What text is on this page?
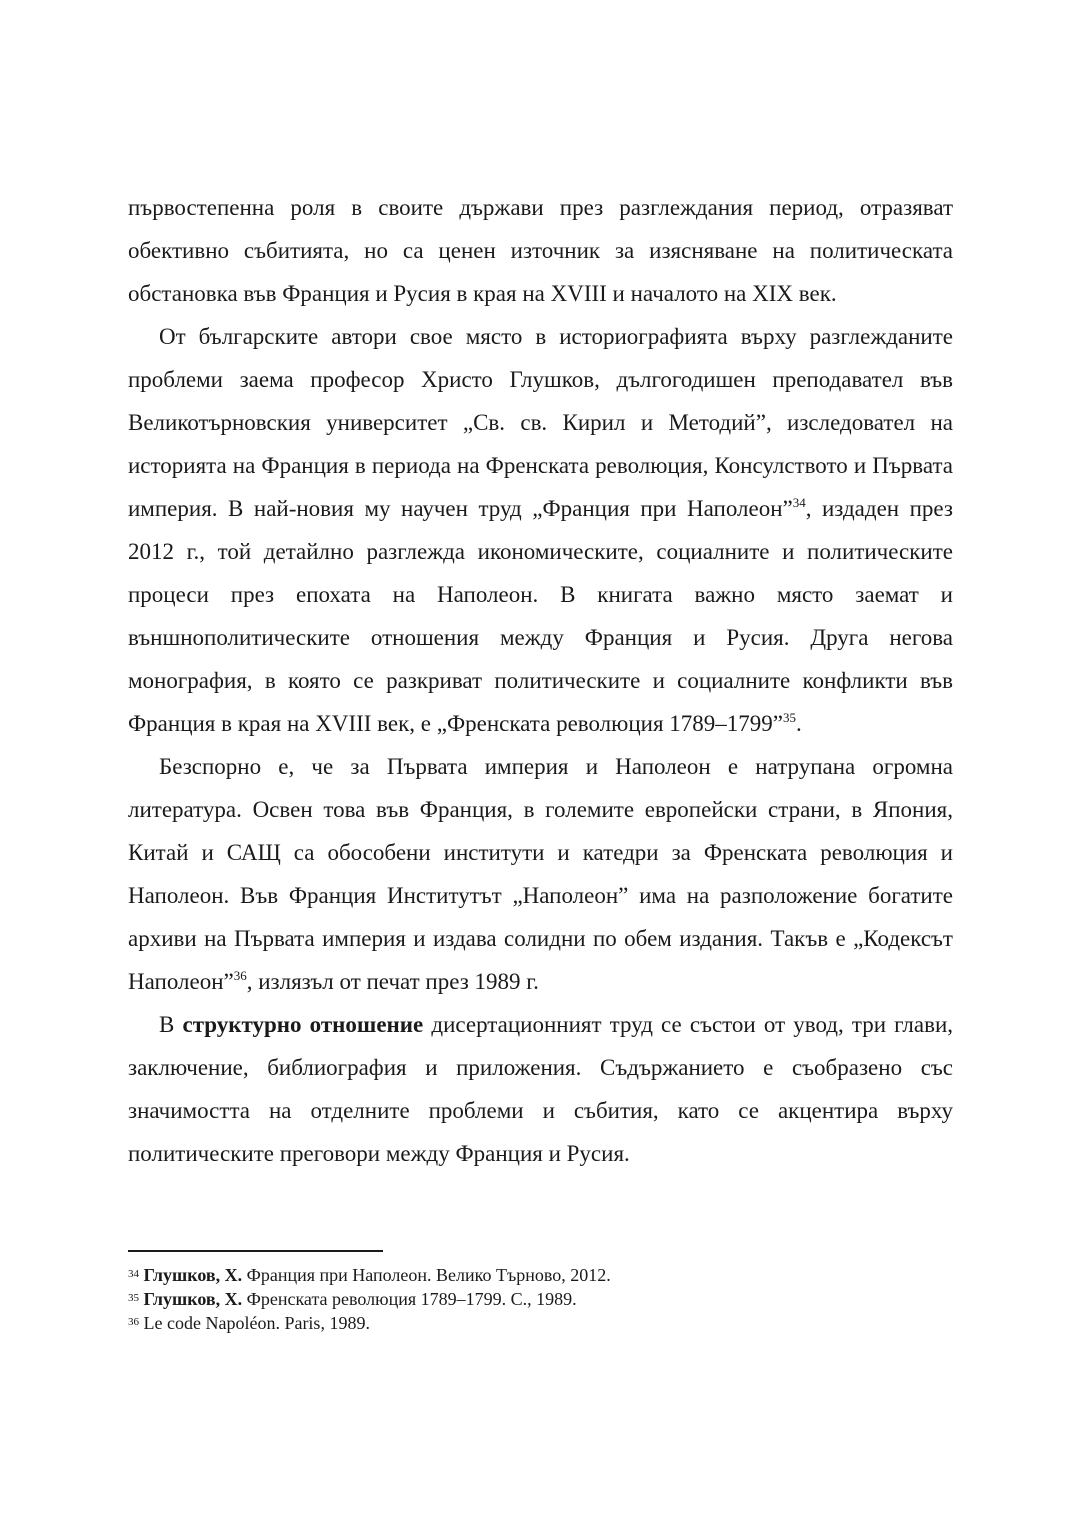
първостепенна роля в своите държави през разглеждания период, отразяват обективно събитията, но са ценен източник за изясняване на политическата обстановка във Франция и Русия в края на XVIII и началото на XIX век.

От българските автори свое място в историографията върху разглежданите проблеми заема професор Христо Глушков, дългогодишен преподавател във Великотърновския университет „Св. св. Кирил и Методий”, изследовател на историята на Франция в периода на Френската революция, Консулството и Първата империя. В най-новия му научен труд „Франция при Наполеон”$^{34}$, издаден през 2012 г., той детайлно разглежда икономическите, социалните и политическите процеси през епохата на Наполеон. В книгата важно място заемат и външнополитическите отношения между Франция и Русия. Друга негова монография, в която се разкриват политическите и социалните конфликти във Франция в края на XVIII век, е „Френската революция 1789–1799”$^{35}$.

Безспорно е, че за Първата империя и Наполеон е натрупана огромна литература. Освен това във Франция, в големите европейски страни, в Япония, Китай и САЩ са обособени институти и катедри за Френската революция и Наполеон. Във Франция Институтът „Наполеон” има на разположение богатите архиви на Първата империя и издава солидни по обем издания. Такъв е „Кодексът Наполеон”$^{36}$, излязъл от печат през 1989 г.

В структурно отношение дисертационният труд се състои от увод, три глави, заключение, библиография и приложения. Съдържанието е съобразено със значимостта на отделните проблеми и събития, като се акцентира върху политическите преговори между Франция и Русия.

$^{34}$ Глушков, Х. Франция при Наполеон. Велико Търново, 2012.

$^{35}$ Глушков, Х. Френската революция 1789–1799. С., 1989.

$^{36}$ Le code Napoléon. Paris, 1989.
